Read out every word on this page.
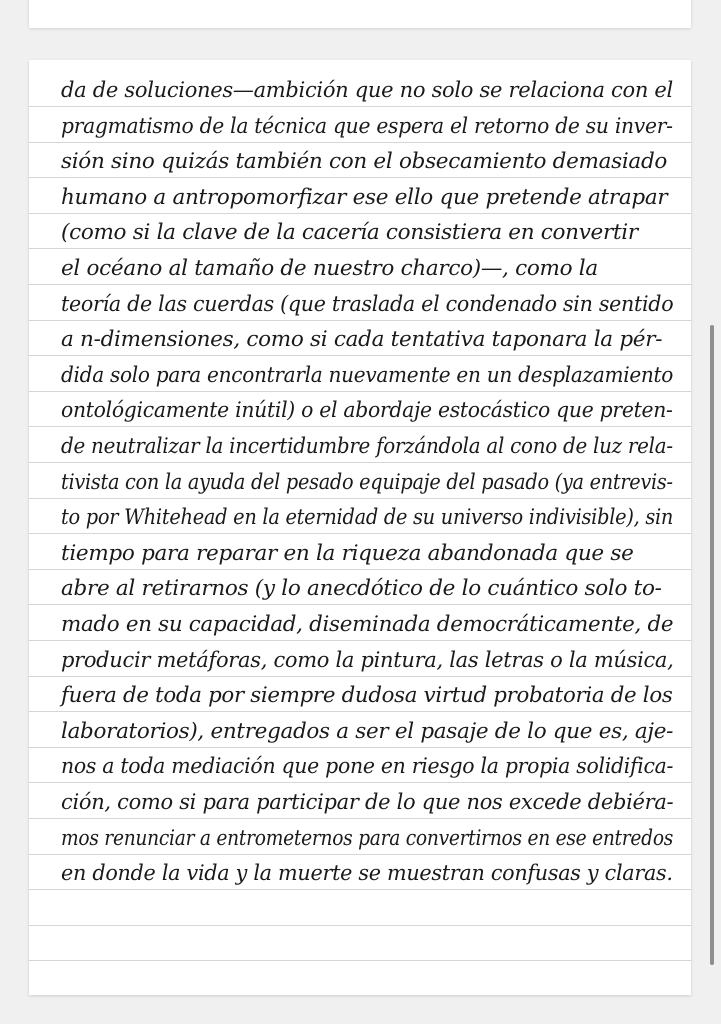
da de soluciones—ambición que no solo se relaciona con el
pragmatismo de la técnica que espera el retorno de su inver-
sión sino quizás también con el obsecamiento demasiado
humano a antropomorfizar ese ello que pretende atrapar
(como si la clave de la cacería consistiera en convertir
el océano al tamaño de nuestro charco)—, como la
teoría de las cuerdas (que traslada el condenado sin sentido
a n-dimensiones, como si cada tentativa taponara la pér-
dida solo para encontrarla nuevamente en un desplazamiento
ontológicamente inútil) o el abordaje estocástico que preten-
de neutralizar la incertidumbre forzándola al cono de luz rela-
tivista con la ayuda del pesado equipaje del pasado (ya entrevis-
to por Whitehead en la eternidad de su universo indivisible), sin
tiempo para reparar en la riqueza abandonada que se
abre al retirarnos (y lo anecdótico de lo cuántico solo to-
mado en su capacidad, diseminada democráticamente, de
producir metáforas, como la pintura, las letras o la música,
fuera de toda por siempre dudosa virtud probatoria de los
laboratorios), entregados a ser el pasaje de lo que es, aje-
nos a toda mediación que pone en riesgo la propia solidifica-
ción, como si para participar de lo que nos excede debiéra-
mos renunciar a entrometernos para convertirnos en ese entredos
en donde la vida y la muerte se muestran confusas y claras.
